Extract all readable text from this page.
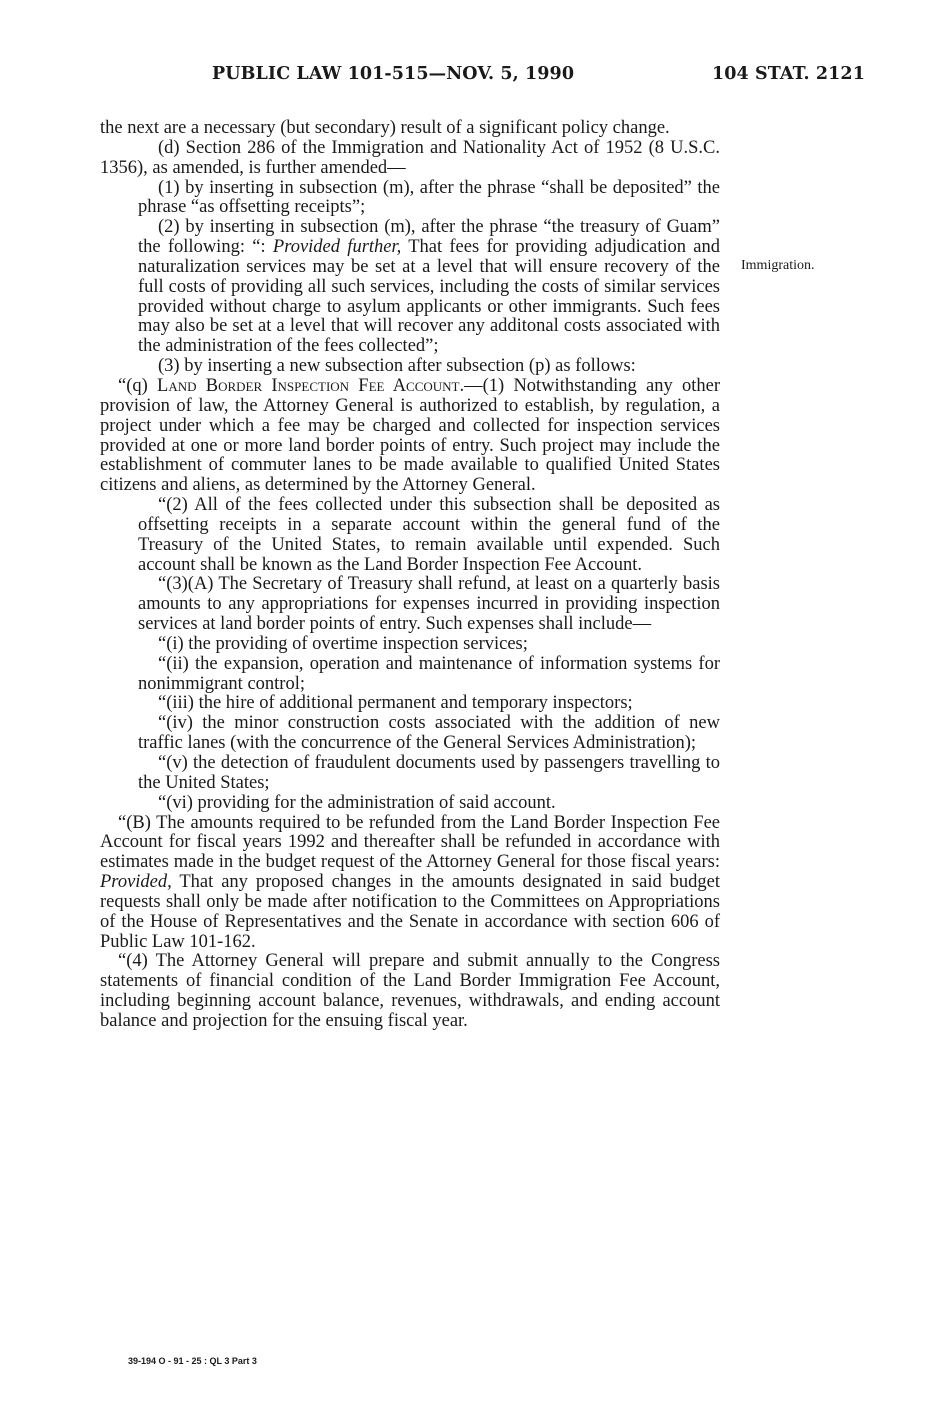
PUBLIC LAW 101-515—NOV. 5, 1990	104 STAT. 2121
Immigration.

the next are a necessary (but secondary) result of a significant policy change.

(d) Section 286 of the Immigration and Nationality Act of 1952 (8 U.S.C. 1356), as amended, is further amended—

(1) by inserting in subsection (m), after the phrase “shall be deposited” the phrase “as offsetting receipts”;

(2) by inserting in subsection (m), after the phrase “the treasury of Guam” the following: “: Provided further, That fees for providing adjudication and naturalization services may be set at a level that will ensure recovery of the full costs of providing all such services, including the costs of similar services provided without charge to asylum applicants or other immigrants. Such fees may also be set at a level that will recover any additonal costs associated with the administration of the fees collected”;

(3) by inserting a new subsection after subsection (p) as follows:

“(q) Land Border Inspection Fee Account.—(1) Notwithstanding any other provision of law, the Attorney General is authorized to establish, by regulation, a project under which a fee may be charged and collected for inspection services provided at one or more land border points of entry. Such project may include the establishment of commuter lanes to be made available to qualified United States citizens and aliens, as determined by the Attorney General.

“(2) All of the fees collected under this subsection shall be deposited as offsetting receipts in a separate account within the general fund of the Treasury of the United States, to remain available until expended. Such account shall be known as the Land Border Inspection Fee Account.

“(3)(A) The Secretary of Treasury shall refund, at least on a quarterly basis amounts to any appropriations for expenses incurred in providing inspection services at land border points of entry. Such expenses shall include—

“(i) the providing of overtime inspection services;

“(ii) the expansion, operation and maintenance of information systems for nonimmigrant control;

“(iii) the hire of additional permanent and temporary inspectors;

“(iv) the minor construction costs associated with the addition of new traffic lanes (with the concurrence of the General Services Administration);

“(v) the detection of fraudulent documents used by passengers travelling to the United States;

“(vi) providing for the administration of said account.

“(B) The amounts required to be refunded from the Land Border Inspection Fee Account for fiscal years 1992 and thereafter shall be refunded in accordance with estimates made in the budget request of the Attorney General for those fiscal years: Provided, That any proposed changes in the amounts designated in said budget requests shall only be made after notification to the Committees on Appropriations of the House of Representatives and the Senate in accordance with section 606 of Public Law 101-162.

“(4) The Attorney General will prepare and submit annually to the Congress statements of financial condition of the Land Border Immigration Fee Account, including beginning account balance, revenues, withdrawals, and ending account balance and projection for the ensuing fiscal year.

39-194 O - 91 - 25 : QL 3 Part 3
